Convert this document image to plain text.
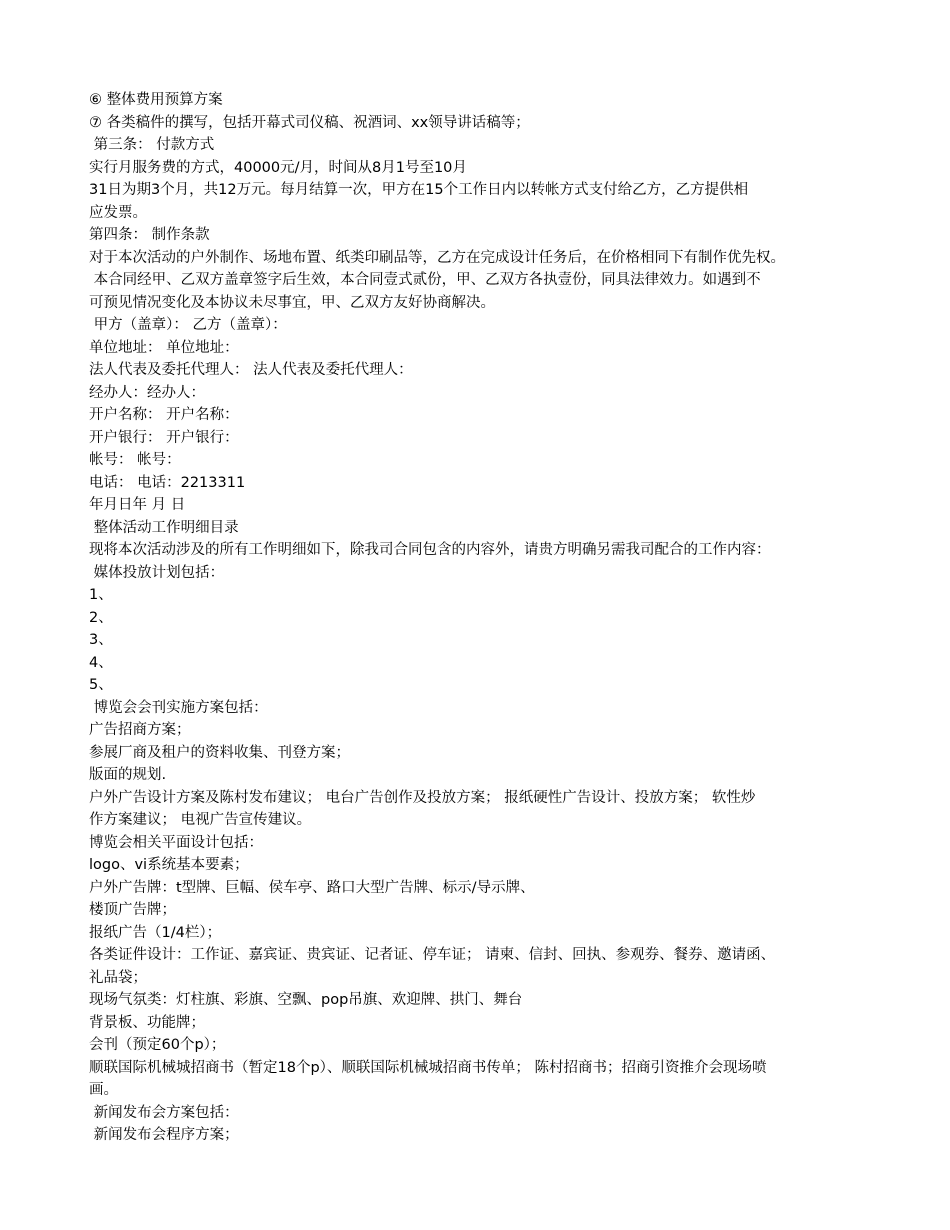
⑥ 整体费用预算方案
⑦ 各类稿件的撰写，包括开幕式司仪稿、祝酒词、xx领导讲话稿等；
第三条： 付款方式
实行月服务费的方式，40000元/月，时间从8月1号至10月
31日为期3个月，共12万元。每月结算一次，甲方在15个工作日内以转帐方式支付给乙方，乙方提供相
应发票。
第四条： 制作条款
对于本次活动的户外制作、场地布置、纸类印刷品等，乙方在完成设计任务后，在价格相同下有制作优先权。
本合同经甲、乙双方盖章签字后生效，本合同壹式贰份，甲、乙双方各执壹份，同具法律效力。如遇到不
可预见情况变化及本协议未尽事宜，甲、乙双方友好协商解决。
甲方（盖章）： 乙方（盖章）：
单位地址： 单位地址：
法人代表及委托代理人： 法人代表及委托代理人：
经办人：经办人：
开户名称： 开户名称：
开户银行： 开户银行：
帐号： 帐号：
电话： 电话：2213311
年月日年 月 日
整体活动工作明细目录
现将本次活动涉及的所有工作明细如下，除我司合同包含的内容外，请贵方明确另需我司配合的工作内容：
媒体投放计划包括：
1、
2、
3、
4、
5、
博览会会刊实施方案包括：
广告招商方案；
参展厂商及租户的资料收集、刊登方案；
版面的规划.
户外广告设计方案及陈村发布建议； 电台广告创作及投放方案； 报纸硬性广告设计、投放方案； 软性炒
作方案建议； 电视广告宣传建议。
博览会相关平面设计包括：
logo、vi系统基本要素；
户外广告牌：t型牌、巨幅、侯车亭、路口大型广告牌、标示/导示牌、
楼顶广告牌；
报纸广告（1/4栏）；
各类证件设计：工作证、嘉宾证、贵宾证、记者证、停车证； 请柬、信封、回执、参观券、餐券、邀请函、
礼品袋；
现场气氛类：灯柱旗、彩旗、空飘、pop吊旗、欢迎牌、拱门、舞台
背景板、功能牌；
会刊（预定60个p）；
顺联国际机械城招商书（暂定18个p）、顺联国际机械城招商书传单； 陈村招商书；招商引资推介会现场喷
画。
新闻发布会方案包括：
新闻发布会程序方案；
